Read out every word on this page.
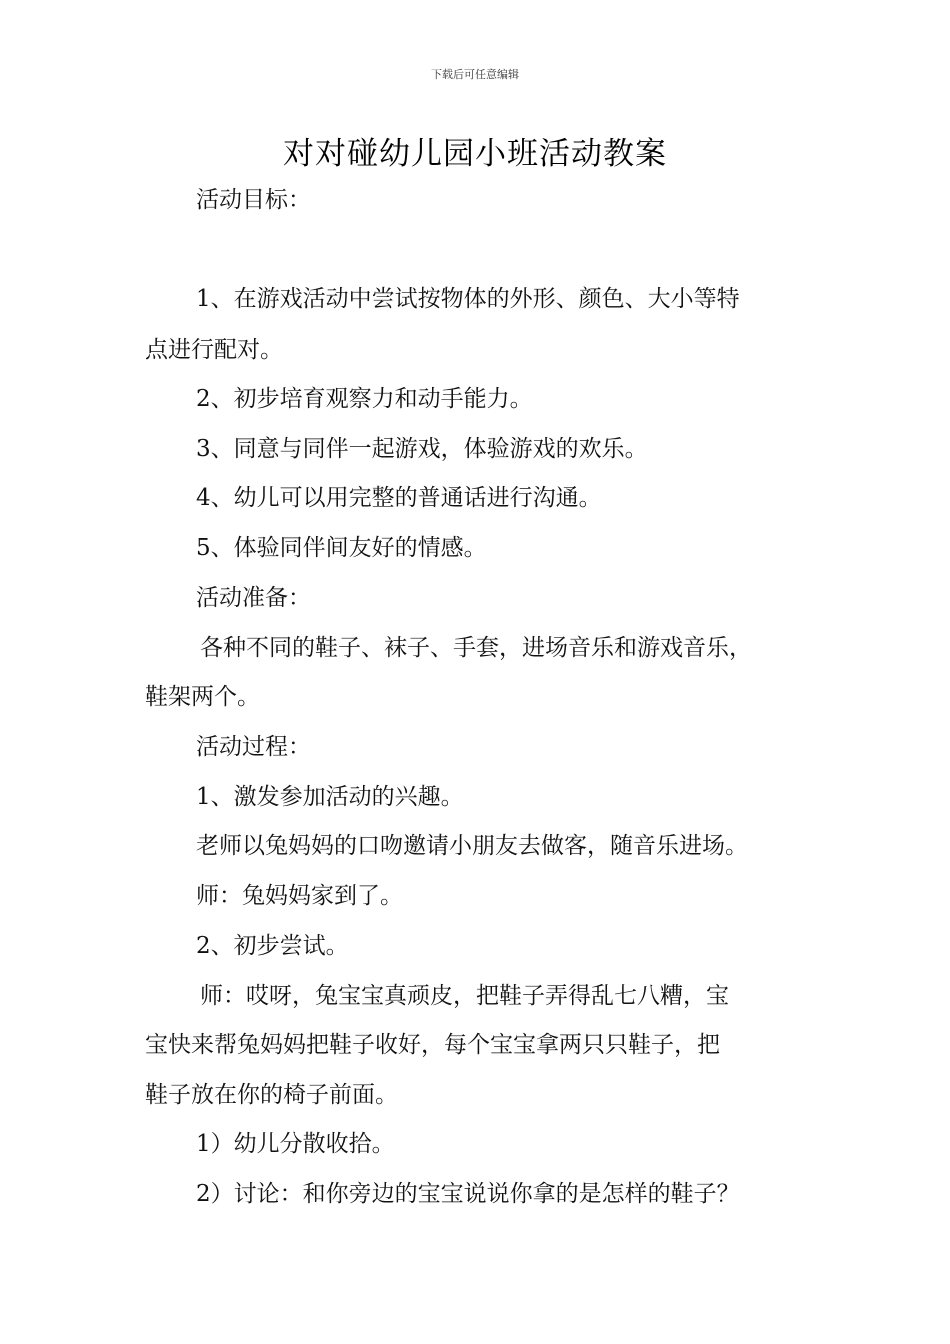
下载后可任意编辑
对对碰幼儿园小班活动教案
活动目标：
1、在游戏活动中尝试按物体的外形、颜色、大小等特
点进行配对。
2、初步培育观察力和动手能力。
3、同意与同伴一起游戏，体验游戏的欢乐。
4、幼儿可以用完整的普通话进行沟通。
5、体验同伴间友好的情感。
活动准备：
各种不同的鞋子、袜子、手套，进场音乐和游戏音乐，
鞋架两个。
活动过程：
1、激发参加活动的兴趣。
老师以兔妈妈的口吻邀请小朋友去做客，随音乐进场。
师：兔妈妈家到了。
2、初步尝试。
师：哎呀，兔宝宝真顽皮，把鞋子弄得乱七八糟，宝
宝快来帮兔妈妈把鞋子收好，每个宝宝拿两只只鞋子，把
鞋子放在你的椅子前面。
1）幼儿分散收拾。
2）讨论：和你旁边的宝宝说说你拿的是怎样的鞋子？
